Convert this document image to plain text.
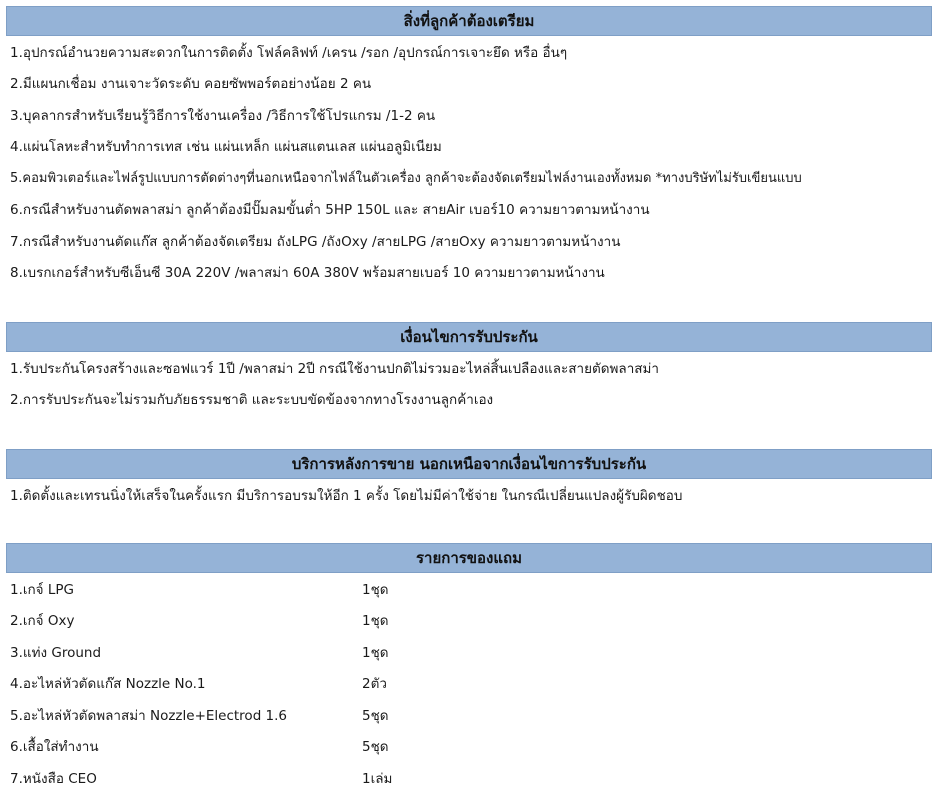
สิ่งที่ลูกค้าต้องเตรียม
1.อุปกรณ์อำนวยความสะดวกในการติดตั้ง โฟล์คลิฟท์ /เครน /รอก /อุปกรณ์การเจาะยึด หรือ อื่นๆ
2.มีแผนกเชื่อม งานเจาะวัดระดับ คอยซัพพอร์ตอย่างน้อย 2 คน
3.บุคลากรสำหรับเรียนรู้วิธีการใช้งานเครื่อง /วิธีการใช้โปรแกรม /1-2 คน
4.แผ่นโลหะสำหรับทำการเทส เช่น แผ่นเหล็ก แผ่นสแตนเลส แผ่นอลูมิเนียม
5.คอมพิวเตอร์และไฟล์รูปแบบการตัดต่างๆที่นอกเหนือจากไฟล์ในตัวเครื่อง ลูกค้าจะต้องจัดเตรียมไฟล์งานเองทั้งหมด *ทางบริษัทไม่รับเขียนแบบ
6.กรณีสำหรับงานตัดพลาสม่า ลูกค้าต้องมีปั๊มลมขั้นต่ำ 5HP 150L และ สายAir เบอร์10 ความยาวตามหน้างาน
7.กรณีสำหรับงานตัดแก๊ส ลูกค้าต้องจัดเตรียม ถังLPG /ถังOxy /สายLPG /สายOxy ความยาวตามหน้างาน
8.เบรกเกอร์สำหรับซีเอ็นซี 30A 220V /พลาสม่า 60A 380V พร้อมสายเบอร์ 10 ความยาวตามหน้างาน
เงื่อนไขการรับประกัน
1.รับประกันโครงสร้างและซอฟแวร์ 1ปี /พลาสม่า 2ปี กรณีใช้งานปกติไม่รวมอะไหล่สิ้นเปลืองและสายตัดพลาสม่า
2.การรับประกันจะไม่รวมกับภัยธรรมชาติ และระบบขัดข้องจากทางโรงงานลูกค้าเอง
บริการหลังการขาย นอกเหนือจากเงื่อนไขการรับประกัน
1.ติดตั้งและเทรนนิ่งให้เสร็จในครั้งแรก มีบริการอบรมให้อีก 1 ครั้ง โดยไม่มีค่าใช้จ่าย ในกรณีเปลี่ยนแปลงผู้รับผิดชอบ
รายการของแถม
1.เกจ์ LPG	1ชุด
2.เกจ์ Oxy	1ชุด
3.แท่ง Ground	1ชุด
4.อะไหล่หัวตัดแก๊ส Nozzle No.1	2ตัว
5.อะไหล่หัวตัดพลาสม่า Nozzle+Electrod 1.6	5ชุด
6.เสื้อใส่ทำงาน	5ชุด
7.หนังสือ CEO	1เล่ม
